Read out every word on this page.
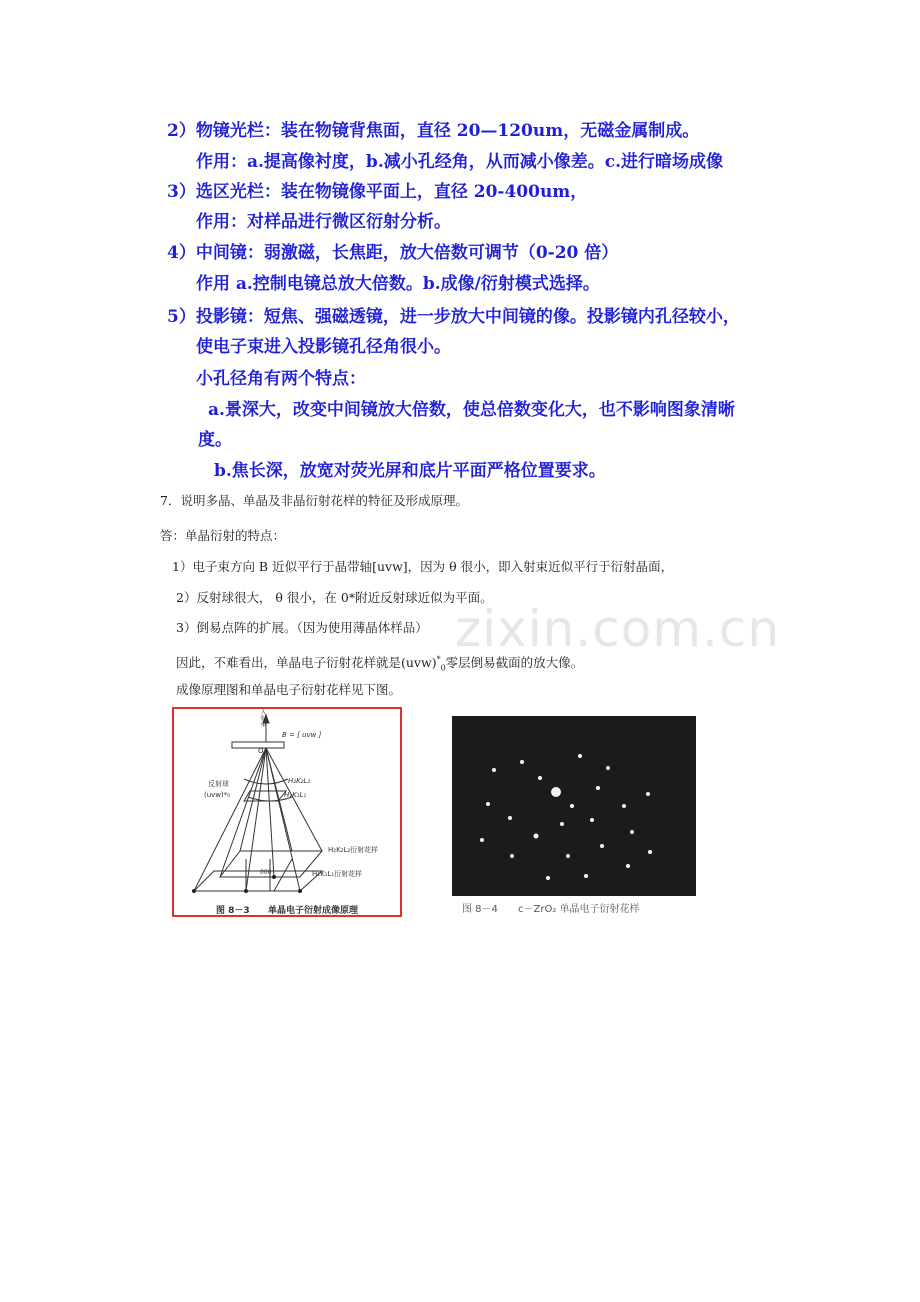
zixin.com.cn
2）物镜光栏：装在物镜背焦面，直径 20—120um，无磁金属制成。
作用：a.提高像衬度，b.减小孔经角，从而减小像差。c.进行暗场成像
3）选区光栏：装在物镜像平面上，直径 20-400um，
作用：对样品进行微区衍射分析。
4）中间镜：弱激磁，长焦距，放大倍数可调节（0-20 倍）
作用 a.控制电镜总放大倍数。b.成像/衍射模式选择。
5）投影镜：短焦、强磁透镜，进一步放大中间镜的像。投影镜内孔径较小，
使电子束进入投影镜孔径角很小。
小孔径角有两个特点：
a.景深大，改变中间镜放大倍数，使总倍数变化大，也不影响图象清晰
度。
b.焦长深，放宽对荧光屏和底片平面严格位置要求。
7．说明多晶、单晶及非晶衍射花样的特征及形成原理。
答：单晶衍射的特点：
1）电子束方向 B 近似平行于晶带轴[uvw]，因为 θ 很小，即入射束近似平行于衍射晶面，
2）反射球很大， θ 很小，在 0*附近反射球近似为平面。
3）倒易点阵的扩展。（因为使用薄晶体样品）
因此，不难看出，单晶电子衍射花样就是$(uvw)^*_0$零层倒易截面的放大像。
成像原理图和单晶电子衍射花样见下图。
入射束
B = [ uvw ]
O
反射球
(uvw)*₀
H₂K₂L₂
H₁K₁L₁
H₂K₂L₂衍射花样
H₁K₁L₁衍射花样
000
图 8－3 单晶电子衍射成像原理	图 8－4 c－ZrO₂ 单晶电子衍射花样
